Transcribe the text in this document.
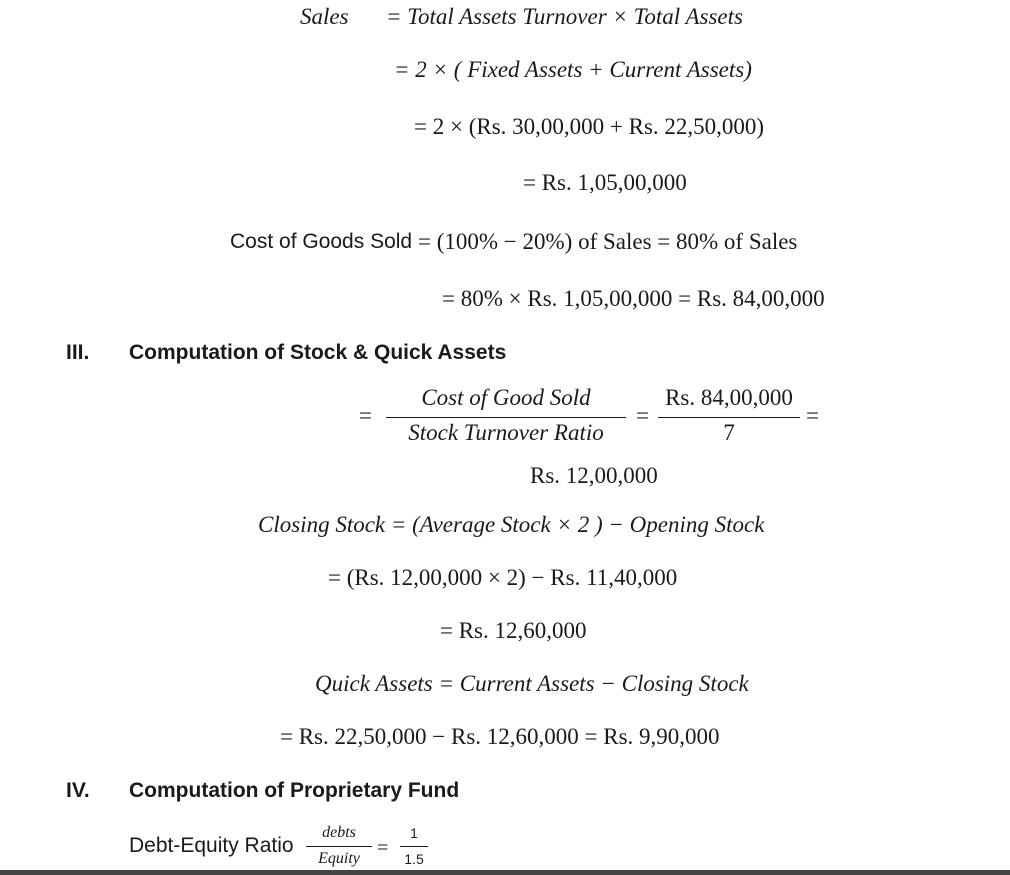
Sales = Total Assets Turnover × Total Assets
= 2 × ( Fixed Assets + Current Assets)
= 2 × (Rs. 30,00,000 + Rs. 22,50,000)
= Rs. 1,05,00,000
Cost of Goods Sold = (100% − 20%) of Sales = 80% of Sales
= 80% × Rs. 1,05,00,000 = Rs. 84,00,000
III. Computation of Stock & Quick Assets
=
Cost of Good Sold
Stock Turnover Ratio
=
Rs. 84,00,000
7
=
Rs. 12,00,000
Closing Stock = (Average Stock × 2 ) − Opening Stock
= (Rs. 12,00,000 × 2) − Rs. 11,40,000
= Rs. 12,60,000
Quick Assets = Current Assets − Closing Stock
= Rs. 22,50,000 − Rs. 12,60,000 = Rs. 9,90,000
IV. Computation of Proprietary Fund
Debt-Equity Ratio
debts
Equity =
1
1.5
